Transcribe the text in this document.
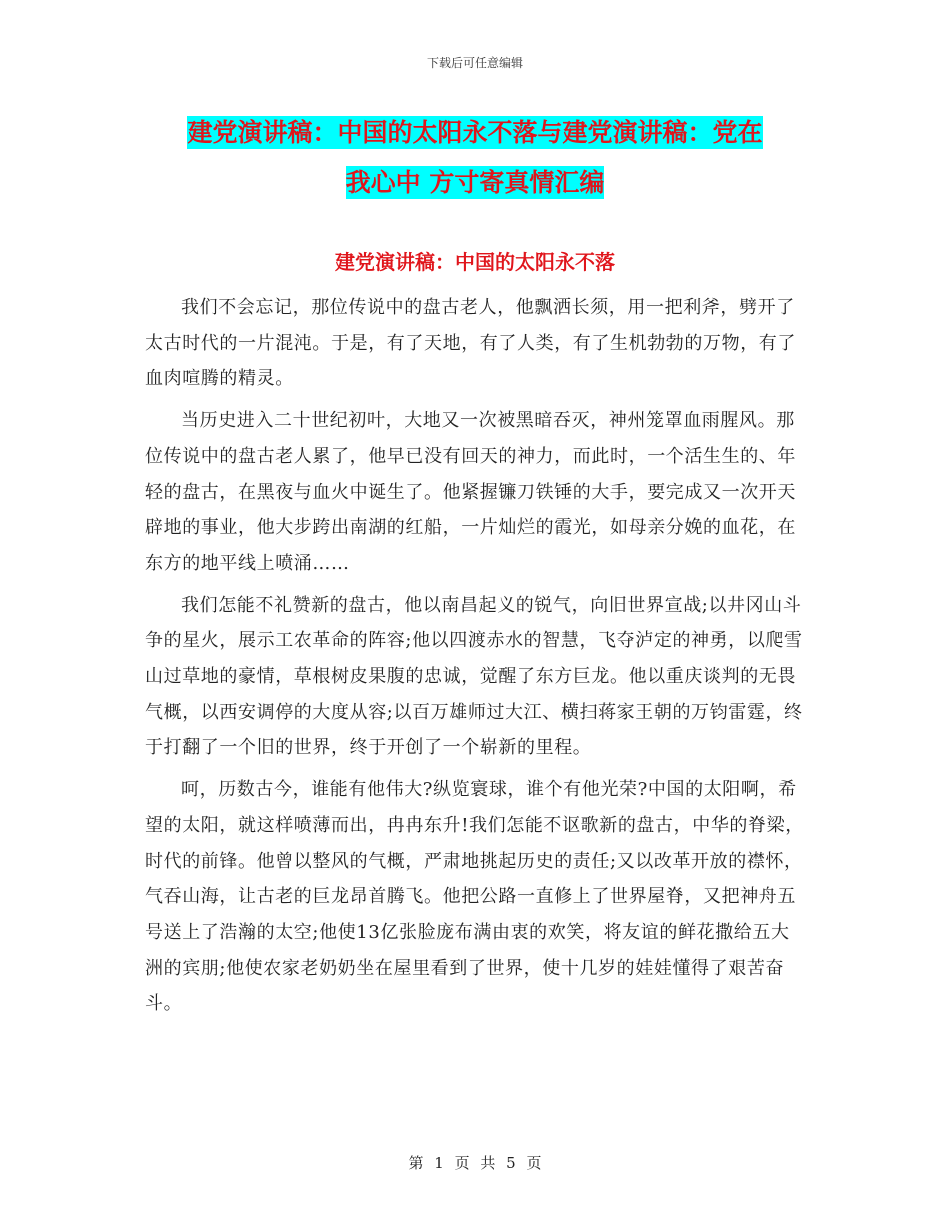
下载后可任意编辑
建党演讲稿：中国的太阳永不落与建党演讲稿：党在
我心中 方寸寄真情汇编
建党演讲稿：中国的太阳永不落

我们不会忘记，那位传说中的盘古老人，他飘洒长须，用一把利斧，劈开了太古时代的一片混沌。于是，有了天地，有了人类，有了生机勃勃的万物，有了血肉喧腾的精灵。

当历史进入二十世纪初叶，大地又一次被黑暗吞灭，神州笼罩血雨腥风。那位传说中的盘古老人累了，他早已没有回天的神力，而此时，一个活生生的、年轻的盘古，在黑夜与血火中诞生了。他紧握镰刀铁锤的大手，要完成又一次开天辟地的事业，他大步跨出南湖的红船，一片灿烂的霞光，如母亲分娩的血花，在东方的地平线上喷涌……

我们怎能不礼赞新的盘古，他以南昌起义的锐气，向旧世界宣战;以井冈山斗争的星火，展示工农革命的阵容;他以四渡赤水的智慧，飞夺泸定的神勇，以爬雪山过草地的豪情，草根树皮果腹的忠诚，觉醒了东方巨龙。他以重庆谈判的无畏气概，以西安调停的大度从容;以百万雄师过大江、横扫蒋家王朝的万钧雷霆，终于打翻了一个旧的世界，终于开创了一个崭新的里程。

呵，历数古今，谁能有他伟大?纵览寰球，谁个有他光荣?中国的太阳啊，希望的太阳，就这样喷薄而出，冉冉东升!我们怎能不讴歌新的盘古，中华的脊梁，时代的前锋。他曾以整风的气概，严肃地挑起历史的责任;又以改革开放的襟怀，气吞山海，让古老的巨龙昂首腾飞。他把公路一直修上了世界屋脊，又把神舟五号送上了浩瀚的太空;他使13亿张脸庞布满由衷的欢笑，将友谊的鲜花撒给五大洲的宾朋;他使农家老奶奶坐在屋里看到了世界，使十几岁的娃娃懂得了艰苦奋斗。

第 1 页 共 5 页
